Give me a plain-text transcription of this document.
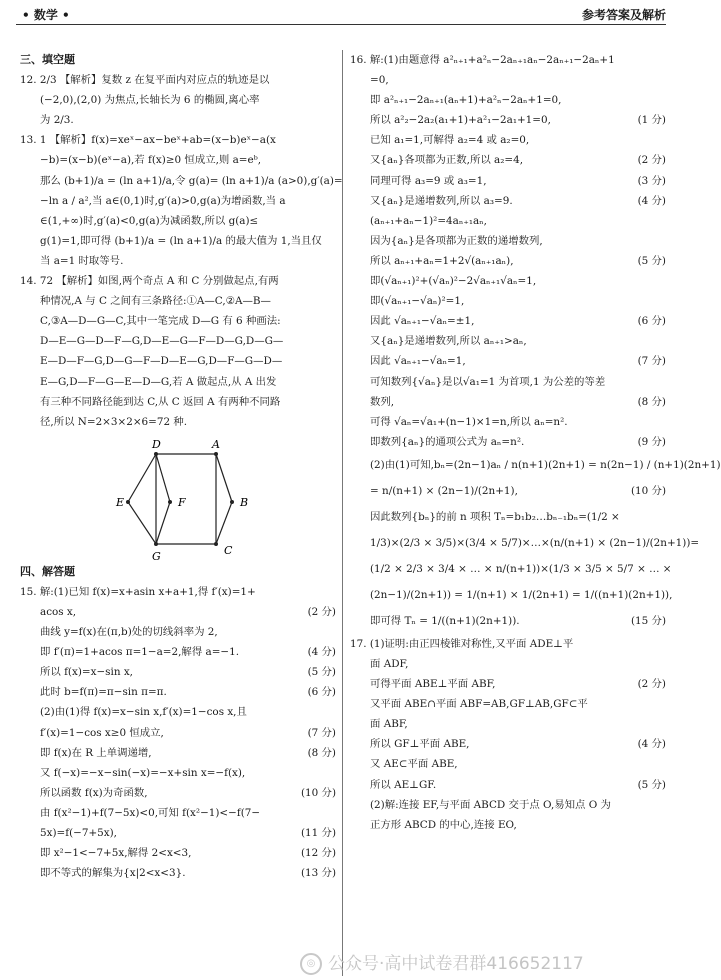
• 数学 •	参考答案及解析
三、填空题
12. 2/3 【解析】复数 z 在复平面内对应点的轨迹是以
(−2,0),(2,0) 为焦点,长轴长为 6 的椭圆,离心率
为 2/3.
13. 1 【解析】f(x)=xeˣ−ax−beˣ+ab=(x−b)eˣ−a(x
−b)=(x−b)(eˣ−a),若 f(x)≥0 恒成立,则 a=eᵇ,
那么 (b+1)/a = (ln a+1)/a,令 g(a)= (ln a+1)/a (a>0),g′(a)=
−ln a / a²,当 a∈(0,1)时,g′(a)>0,g(a)为增函数,当 a
∈(1,+∞)时,g′(a)<0,g(a)为减函数,所以 g(a)≤
g(1)=1,即可得 (b+1)/a = (ln a+1)/a 的最大值为 1,当且仅
当 a=1 时取等号.
14. 72 【解析】如图,两个奇点 A 和 C 分别做起点,有两
种情况,A 与 C 之间有三条路径:①A—C,②A—B—
C,③A—D—G—C,其中一笔完成 D—G 有 6 种画法:
D—E—G—D—F—G,D—E—G—F—D—G,D—G—
E—D—F—G,D—G—F—D—E—G,D—F—G—D—
E—G,D—F—G—E—D—G,若 A 做起点,从 A 出发
有三种不同路径能到达 C,从 C 返回 A 有两种不同路
径,所以 N=2×3×2×6=72 种.
D	A
E	F	B
G	C
四、解答题
15. 解:(1)已知 f(x)=x+asin x+a+1,得 f′(x)=1+
acos x,	(2 分)
曲线 y=f(x)在(π,b)处的切线斜率为 2,
即 f′(π)=1+acos π=1−a=2,解得 a=−1.	(4 分)
所以 f(x)=x−sin x,	(5 分)
此时 b=f(π)=π−sin π=π.	(6 分)
(2)由(1)得 f(x)=x−sin x,f′(x)=1−cos x,且
f′(x)=1−cos x≥0 恒成立,	(7 分)
即 f(x)在 R 上单调递增,	(8 分)
又 f(−x)=−x−sin(−x)=−x+sin x=−f(x),
所以函数 f(x)为奇函数,	(10 分)
由 f(x²−1)+f(7−5x)<0,可知 f(x²−1)<−f(7−
5x)=f(−7+5x),	(11 分)
即 x²−1<−7+5x,解得 2<x<3,	(12 分)
即不等式的解集为{x|2<x<3}.	(13 分)
16. 解:(1)由题意得 a²ₙ₊₁+a²ₙ−2aₙ₊₁aₙ−2aₙ₊₁−2aₙ+1
=0,
即 a²ₙ₊₁−2aₙ₊₁(aₙ+1)+a²ₙ−2aₙ+1=0,
所以 a²₂−2a₂(a₁+1)+a²₁−2a₁+1=0,	(1 分)
已知 a₁=1,可解得 a₂=4 或 a₂=0,
又{aₙ}各项都为正数,所以 a₂=4,	(2 分)
同理可得 a₃=9 或 a₃=1,	(3 分)
又{aₙ}是递增数列,所以 a₃=9.	(4 分)
(aₙ₊₁+aₙ−1)²=4aₙ₊₁aₙ,
因为{aₙ}是各项都为正数的递增数列,
所以 aₙ₊₁+aₙ=1+2√(aₙ₊₁aₙ),	(5 分)
即(√aₙ₊₁)²+(√aₙ)²−2√aₙ₊₁√aₙ=1,
即(√aₙ₊₁−√aₙ)²=1,
因此 √aₙ₊₁−√aₙ=±1,	(6 分)
又{aₙ}是递增数列,所以 aₙ₊₁>aₙ,
因此 √aₙ₊₁−√aₙ=1,	(7 分)
可知数列{√aₙ}是以√a₁=1 为首项,1 为公差的等差
数列,	(8 分)
可得 √aₙ=√a₁+(n−1)×1=n,所以 aₙ=n².
即数列{aₙ}的通项公式为 aₙ=n².	(9 分)
(2)由(1)可知,bₙ=(2n−1)aₙ / n(n+1)(2n+1) = n(2n−1) / (n+1)(2n+1)
= n/(n+1) × (2n−1)/(2n+1),	(10 分)
因此数列{bₙ}的前 n 项积 Tₙ=b₁b₂…bₙ₋₁bₙ=(1/2 ×
1/3)×(2/3 × 3/5)×(3/4 × 5/7)×…×(n/(n+1) × (2n−1)/(2n+1))=
(1/2 × 2/3 × 3/4 × … × n/(n+1))×(1/3 × 3/5 × 5/7 × … ×
(2n−1)/(2n+1)) = 1/(n+1) × 1/(2n+1) = 1/((n+1)(2n+1)),
即可得 Tₙ = 1/((n+1)(2n+1)).	(15 分)
17. (1)证明:由正四棱锥对称性,又平面 ADE⊥平
面 ADF,
可得平面 ABE⊥平面 ABF,	(2 分)
又平面 ABE∩平面 ABF=AB,GF⊥AB,GF⊂平
面 ABF,
所以 GF⊥平面 ABE,	(4 分)
又 AE⊂平面 ABE,
所以 AE⊥GF.	(5 分)
(2)解:连接 EF,与平面 ABCD 交于点 O,易知点 O 为
正方形 ABCD 的中心,连接 EO,
◎ 公众号·高中试卷君群416652117
